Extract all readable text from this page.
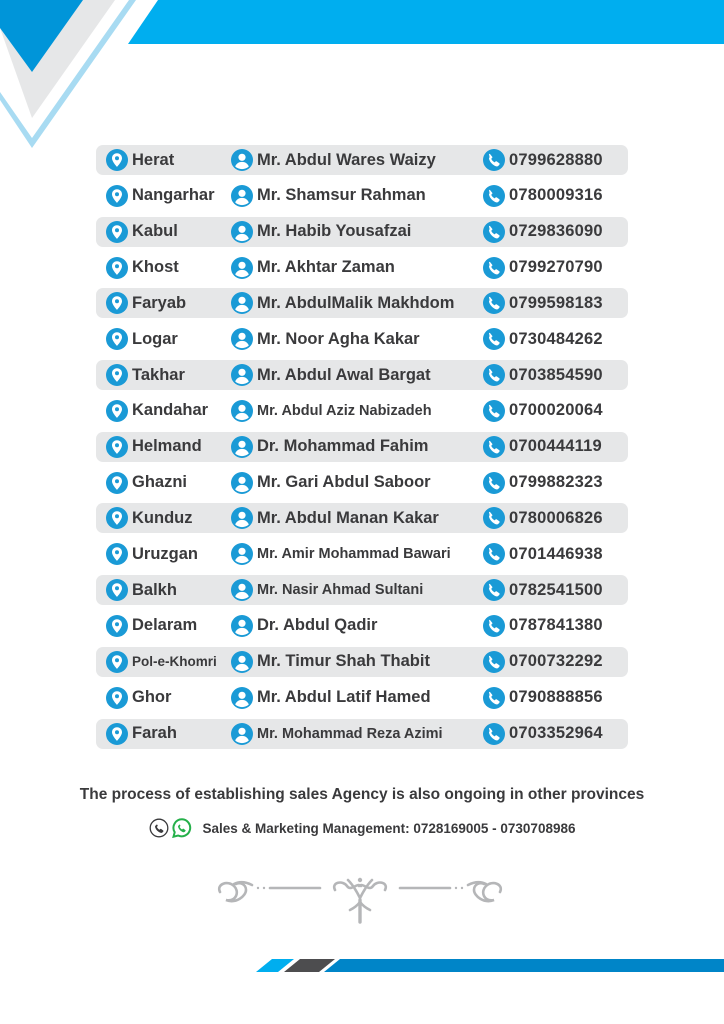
Herat	Mr. Abdul Wares Waizy	0799628880
Nangarhar	Mr. Shamsur Rahman	0780009316
Kabul	Mr. Habib Yousafzai	0729836090
Khost	Mr. Akhtar Zaman	0799270790
Faryab	Mr. AbdulMalik Makhdom	0799598183
Logar	Mr. Noor Agha Kakar	0730484262
Takhar	Mr. Abdul Awal Bargat	0703854590
Kandahar	Mr. Abdul Aziz Nabizadeh	0700020064
Helmand	Dr. Mohammad Fahim	0700444119
Ghazni	Mr. Gari Abdul Saboor	0799882323
Kunduz	Mr. Abdul Manan Kakar	0780006826
Uruzgan	Mr. Amir Mohammad Bawari	0701446938
Balkh	Mr. Nasir Ahmad Sultani	0782541500
Delaram	Dr. Abdul Qadir	0787841380
Pol-e-Khomri Mr. Timur Shah Thabit	0700732292
Ghor	Mr. Abdul Latif Hamed	0790888856
Farah	Mr. Mohammad Reza Azimi	0703352964
The process of establishing sales Agency is also ongoing in other provinces
Sales & Marketing Management: 0728169005 - 0730708986
